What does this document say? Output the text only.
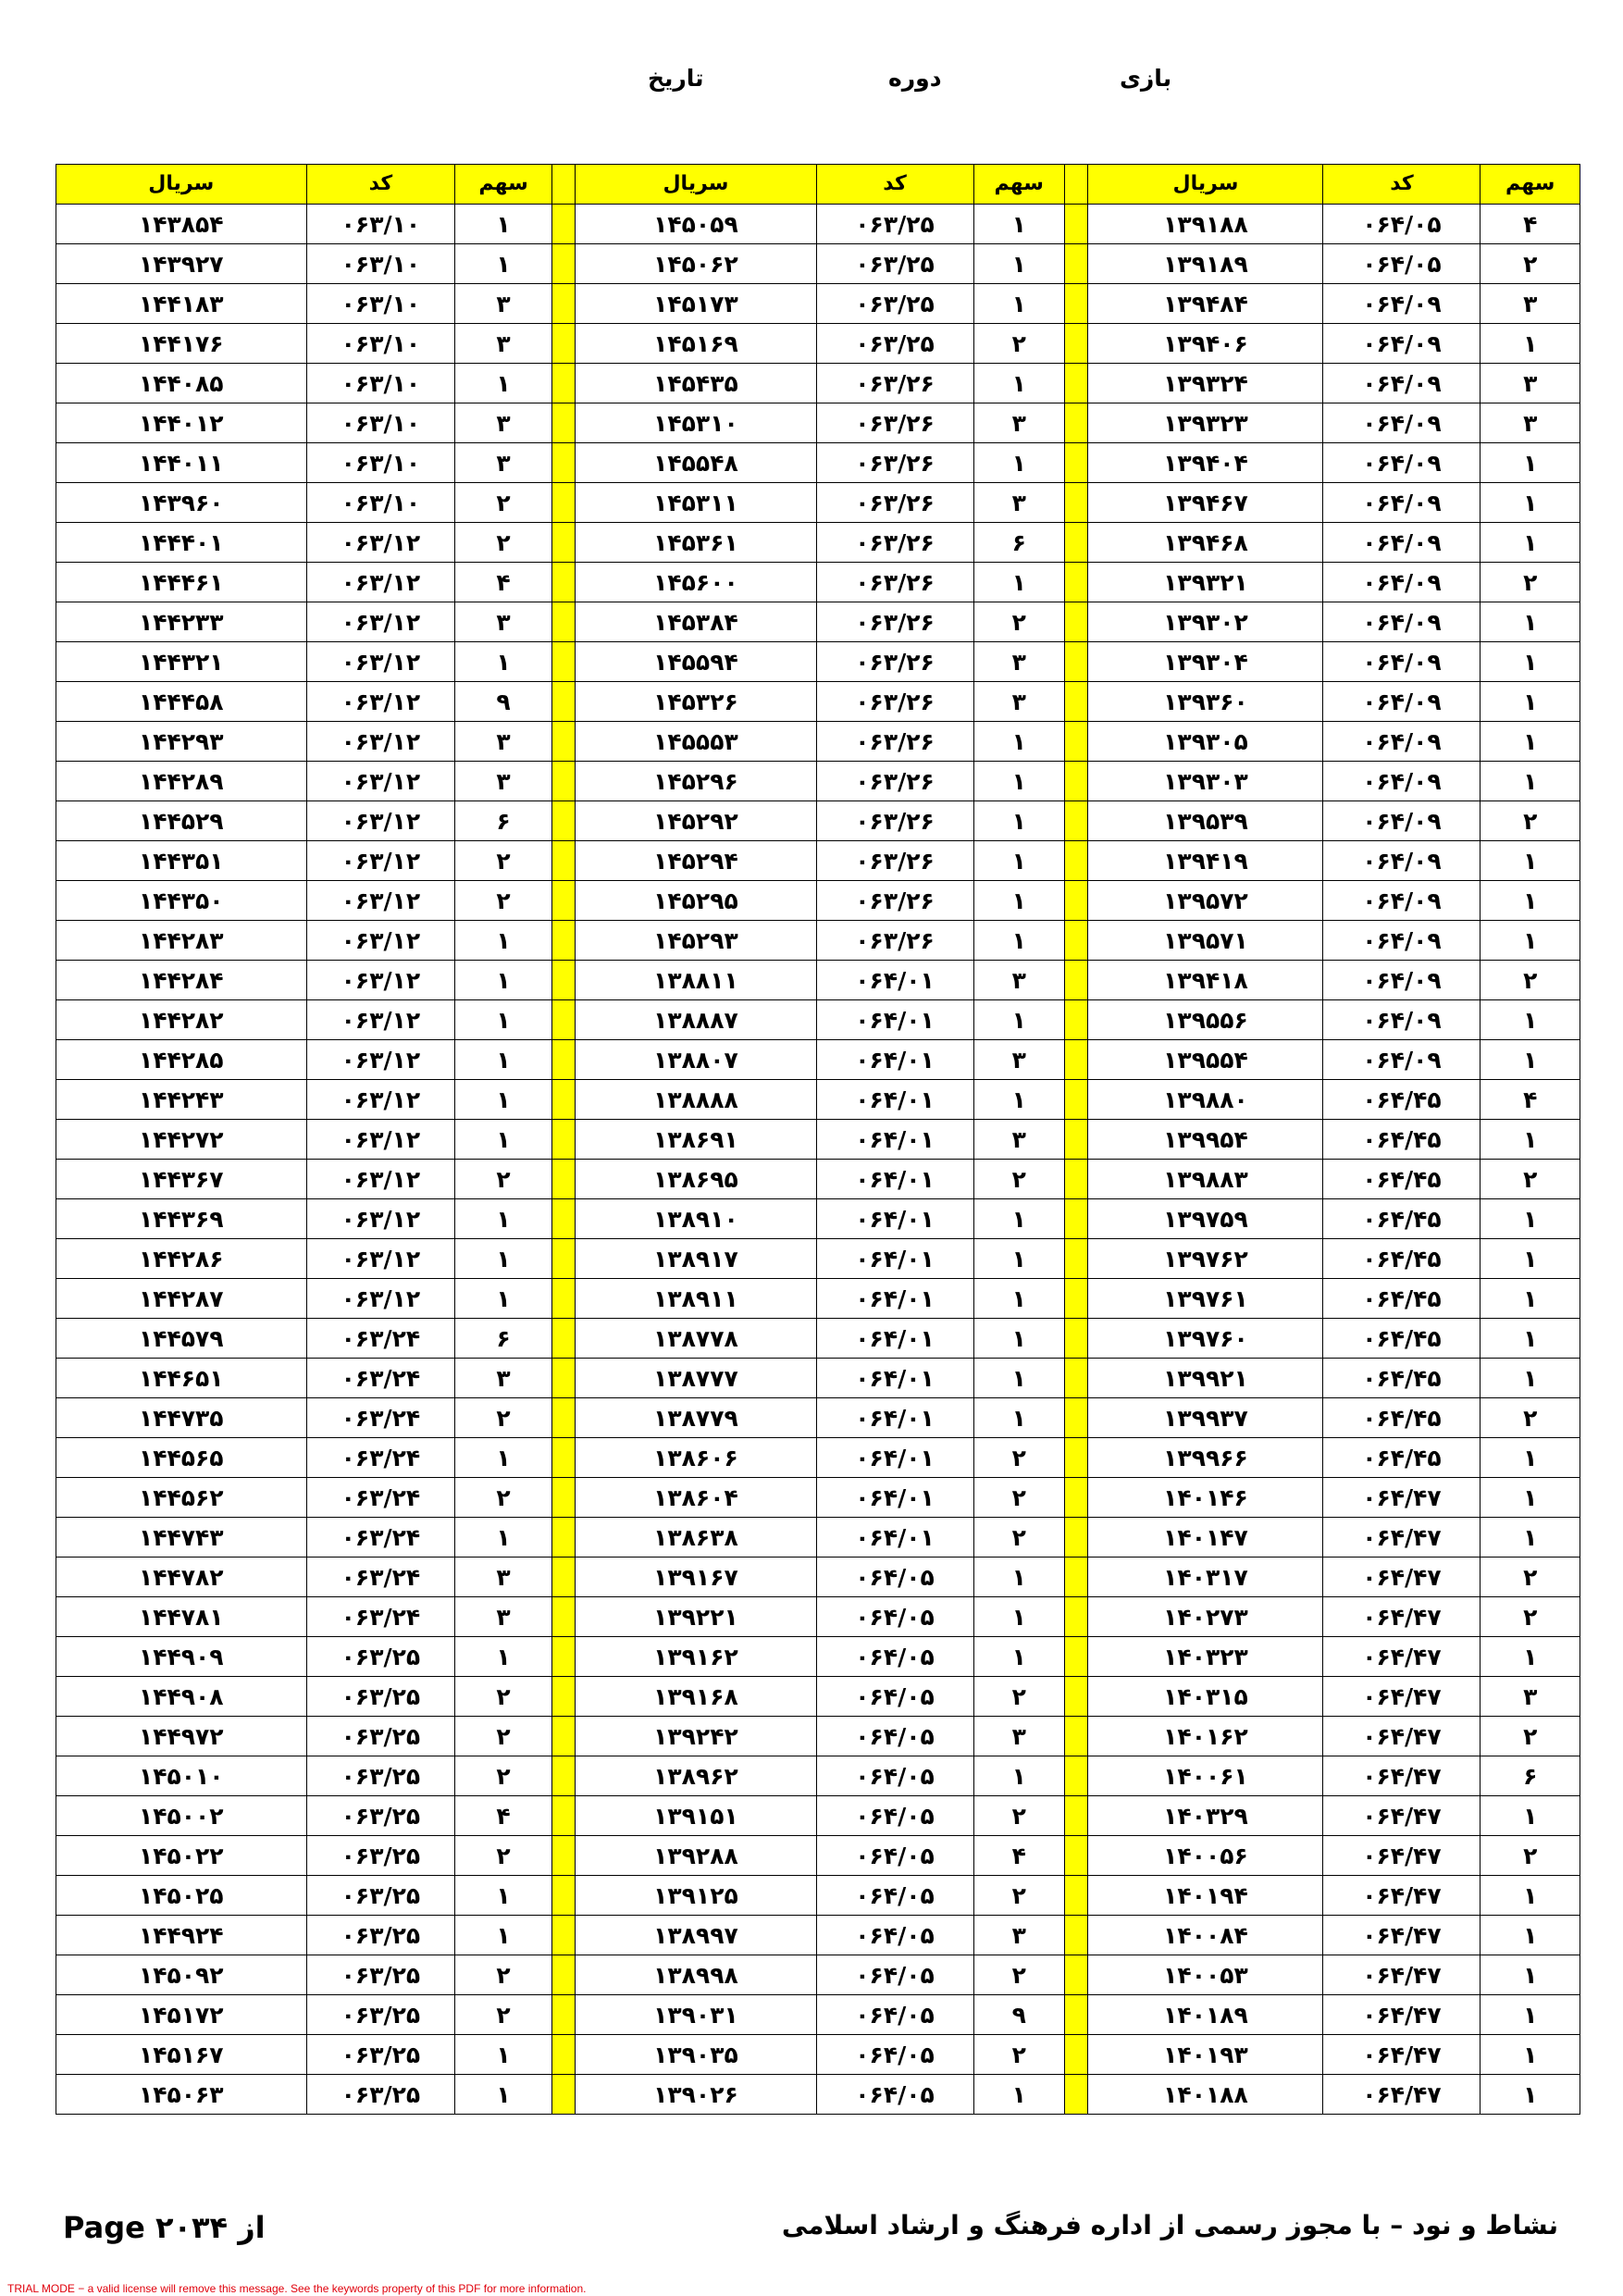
بازی
دوره
تاریخ
سهم	کد	سریال		سهم	کد	سریال		سهم	کد	سریال
۴	۰۶۴/۰۵	۱۳۹۱۸۸		۱	۰۶۳/۲۵	۱۴۵۰۵۹		۱	۰۶۳/۱۰	۱۴۳۸۵۴
۲	۰۶۴/۰۵	۱۳۹۱۸۹		۱	۰۶۳/۲۵	۱۴۵۰۶۲		۱	۰۶۳/۱۰	۱۴۳۹۲۷
۳	۰۶۴/۰۹	۱۳۹۴۸۴		۱	۰۶۳/۲۵	۱۴۵۱۷۳		۳	۰۶۳/۱۰	۱۴۴۱۸۳
۱	۰۶۴/۰۹	۱۳۹۴۰۶		۲	۰۶۳/۲۵	۱۴۵۱۶۹		۳	۰۶۳/۱۰	۱۴۴۱۷۶
۳	۰۶۴/۰۹	۱۳۹۳۲۴		۱	۰۶۳/۲۶	۱۴۵۴۳۵		۱	۰۶۳/۱۰	۱۴۴۰۸۵
۳	۰۶۴/۰۹	۱۳۹۳۲۳		۳	۰۶۳/۲۶	۱۴۵۳۱۰		۳	۰۶۳/۱۰	۱۴۴۰۱۲
۱	۰۶۴/۰۹	۱۳۹۴۰۴		۱	۰۶۳/۲۶	۱۴۵۵۴۸		۳	۰۶۳/۱۰	۱۴۴۰۱۱
۱	۰۶۴/۰۹	۱۳۹۴۶۷		۳	۰۶۳/۲۶	۱۴۵۳۱۱		۲	۰۶۳/۱۰	۱۴۳۹۶۰
۱	۰۶۴/۰۹	۱۳۹۴۶۸		۶	۰۶۳/۲۶	۱۴۵۳۶۱		۲	۰۶۳/۱۲	۱۴۴۴۰۱
۲	۰۶۴/۰۹	۱۳۹۳۲۱		۱	۰۶۳/۲۶	۱۴۵۶۰۰		۴	۰۶۳/۱۲	۱۴۴۴۶۱
۱	۰۶۴/۰۹	۱۳۹۳۰۲		۲	۰۶۳/۲۶	۱۴۵۳۸۴		۳	۰۶۳/۱۲	۱۴۴۲۳۳
۱	۰۶۴/۰۹	۱۳۹۳۰۴		۳	۰۶۳/۲۶	۱۴۵۵۹۴		۱	۰۶۳/۱۲	۱۴۴۳۲۱
۱	۰۶۴/۰۹	۱۳۹۳۶۰		۳	۰۶۳/۲۶	۱۴۵۳۲۶		۹	۰۶۳/۱۲	۱۴۴۴۵۸
۱	۰۶۴/۰۹	۱۳۹۳۰۵		۱	۰۶۳/۲۶	۱۴۵۵۵۳		۳	۰۶۳/۱۲	۱۴۴۲۹۳
۱	۰۶۴/۰۹	۱۳۹۳۰۳		۱	۰۶۳/۲۶	۱۴۵۲۹۶		۳	۰۶۳/۱۲	۱۴۴۲۸۹
۲	۰۶۴/۰۹	۱۳۹۵۳۹		۱	۰۶۳/۲۶	۱۴۵۲۹۲		۶	۰۶۳/۱۲	۱۴۴۵۲۹
۱	۰۶۴/۰۹	۱۳۹۴۱۹		۱	۰۶۳/۲۶	۱۴۵۲۹۴		۲	۰۶۳/۱۲	۱۴۴۳۵۱
۱	۰۶۴/۰۹	۱۳۹۵۷۲		۱	۰۶۳/۲۶	۱۴۵۲۹۵		۲	۰۶۳/۱۲	۱۴۴۳۵۰
۱	۰۶۴/۰۹	۱۳۹۵۷۱		۱	۰۶۳/۲۶	۱۴۵۲۹۳		۱	۰۶۳/۱۲	۱۴۴۲۸۳
۲	۰۶۴/۰۹	۱۳۹۴۱۸		۳	۰۶۴/۰۱	۱۳۸۸۱۱		۱	۰۶۳/۱۲	۱۴۴۲۸۴
۱	۰۶۴/۰۹	۱۳۹۵۵۶		۱	۰۶۴/۰۱	۱۳۸۸۸۷		۱	۰۶۳/۱۲	۱۴۴۲۸۲
۱	۰۶۴/۰۹	۱۳۹۵۵۴		۳	۰۶۴/۰۱	۱۳۸۸۰۷		۱	۰۶۳/۱۲	۱۴۴۲۸۵
۴	۰۶۴/۴۵	۱۳۹۸۸۰		۱	۰۶۴/۰۱	۱۳۸۸۸۸		۱	۰۶۳/۱۲	۱۴۴۲۴۳
۱	۰۶۴/۴۵	۱۳۹۹۵۴		۳	۰۶۴/۰۱	۱۳۸۶۹۱		۱	۰۶۳/۱۲	۱۴۴۲۷۲
۲	۰۶۴/۴۵	۱۳۹۸۸۳		۲	۰۶۴/۰۱	۱۳۸۶۹۵		۲	۰۶۳/۱۲	۱۴۴۳۶۷
۱	۰۶۴/۴۵	۱۳۹۷۵۹		۱	۰۶۴/۰۱	۱۳۸۹۱۰		۱	۰۶۳/۱۲	۱۴۴۳۶۹
۱	۰۶۴/۴۵	۱۳۹۷۶۲		۱	۰۶۴/۰۱	۱۳۸۹۱۷		۱	۰۶۳/۱۲	۱۴۴۲۸۶
۱	۰۶۴/۴۵	۱۳۹۷۶۱		۱	۰۶۴/۰۱	۱۳۸۹۱۱		۱	۰۶۳/۱۲	۱۴۴۲۸۷
۱	۰۶۴/۴۵	۱۳۹۷۶۰		۱	۰۶۴/۰۱	۱۳۸۷۷۸		۶	۰۶۳/۲۴	۱۴۴۵۷۹
۱	۰۶۴/۴۵	۱۳۹۹۲۱		۱	۰۶۴/۰۱	۱۳۸۷۷۷		۳	۰۶۳/۲۴	۱۴۴۶۵۱
۲	۰۶۴/۴۵	۱۳۹۹۳۷		۱	۰۶۴/۰۱	۱۳۸۷۷۹		۲	۰۶۳/۲۴	۱۴۴۷۳۵
۱	۰۶۴/۴۵	۱۳۹۹۶۶		۲	۰۶۴/۰۱	۱۳۸۶۰۶		۱	۰۶۳/۲۴	۱۴۴۵۶۵
۱	۰۶۴/۴۷	۱۴۰۱۴۶		۲	۰۶۴/۰۱	۱۳۸۶۰۴		۲	۰۶۳/۲۴	۱۴۴۵۶۲
۱	۰۶۴/۴۷	۱۴۰۱۴۷		۲	۰۶۴/۰۱	۱۳۸۶۳۸		۱	۰۶۳/۲۴	۱۴۴۷۴۳
۲	۰۶۴/۴۷	۱۴۰۳۱۷		۱	۰۶۴/۰۵	۱۳۹۱۶۷		۳	۰۶۳/۲۴	۱۴۴۷۸۲
۲	۰۶۴/۴۷	۱۴۰۲۷۳		۱	۰۶۴/۰۵	۱۳۹۲۲۱		۳	۰۶۳/۲۴	۱۴۴۷۸۱
۱	۰۶۴/۴۷	۱۴۰۳۲۳		۱	۰۶۴/۰۵	۱۳۹۱۶۲		۱	۰۶۳/۲۵	۱۴۴۹۰۹
۳	۰۶۴/۴۷	۱۴۰۳۱۵		۲	۰۶۴/۰۵	۱۳۹۱۶۸		۲	۰۶۳/۲۵	۱۴۴۹۰۸
۲	۰۶۴/۴۷	۱۴۰۱۶۲		۳	۰۶۴/۰۵	۱۳۹۲۴۲		۲	۰۶۳/۲۵	۱۴۴۹۷۲
۶	۰۶۴/۴۷	۱۴۰۰۶۱		۱	۰۶۴/۰۵	۱۳۸۹۶۲		۲	۰۶۳/۲۵	۱۴۵۰۱۰
۱	۰۶۴/۴۷	۱۴۰۳۲۹		۲	۰۶۴/۰۵	۱۳۹۱۵۱		۴	۰۶۳/۲۵	۱۴۵۰۰۲
۲	۰۶۴/۴۷	۱۴۰۰۵۶		۴	۰۶۴/۰۵	۱۳۹۲۸۸		۲	۰۶۳/۲۵	۱۴۵۰۲۲
۱	۰۶۴/۴۷	۱۴۰۱۹۴		۲	۰۶۴/۰۵	۱۳۹۱۲۵		۱	۰۶۳/۲۵	۱۴۵۰۲۵
۱	۰۶۴/۴۷	۱۴۰۰۸۴		۳	۰۶۴/۰۵	۱۳۸۹۹۷		۱	۰۶۳/۲۵	۱۴۴۹۲۴
۱	۰۶۴/۴۷	۱۴۰۰۵۳		۲	۰۶۴/۰۵	۱۳۸۹۹۸		۲	۰۶۳/۲۵	۱۴۵۰۹۲
۱	۰۶۴/۴۷	۱۴۰۱۸۹		۹	۰۶۴/۰۵	۱۳۹۰۳۱		۲	۰۶۳/۲۵	۱۴۵۱۷۲
۱	۰۶۴/۴۷	۱۴۰۱۹۳		۲	۰۶۴/۰۵	۱۳۹۰۳۵		۱	۰۶۳/۲۵	۱۴۵۱۶۷
۱	۰۶۴/۴۷	۱۴۰۱۸۸		۱	۰۶۴/۰۵	۱۳۹۰۲۶		۱	۰۶۳/۲۵	۱۴۵۰۶۳
Page ۲۰۳۴ از	نشاط و نود – با مجوز رسمی از اداره فرهنگ و ارشاد اسلامی
TRIAL MODE − a valid license will remove this message. See the keywords property of this PDF for more information.
